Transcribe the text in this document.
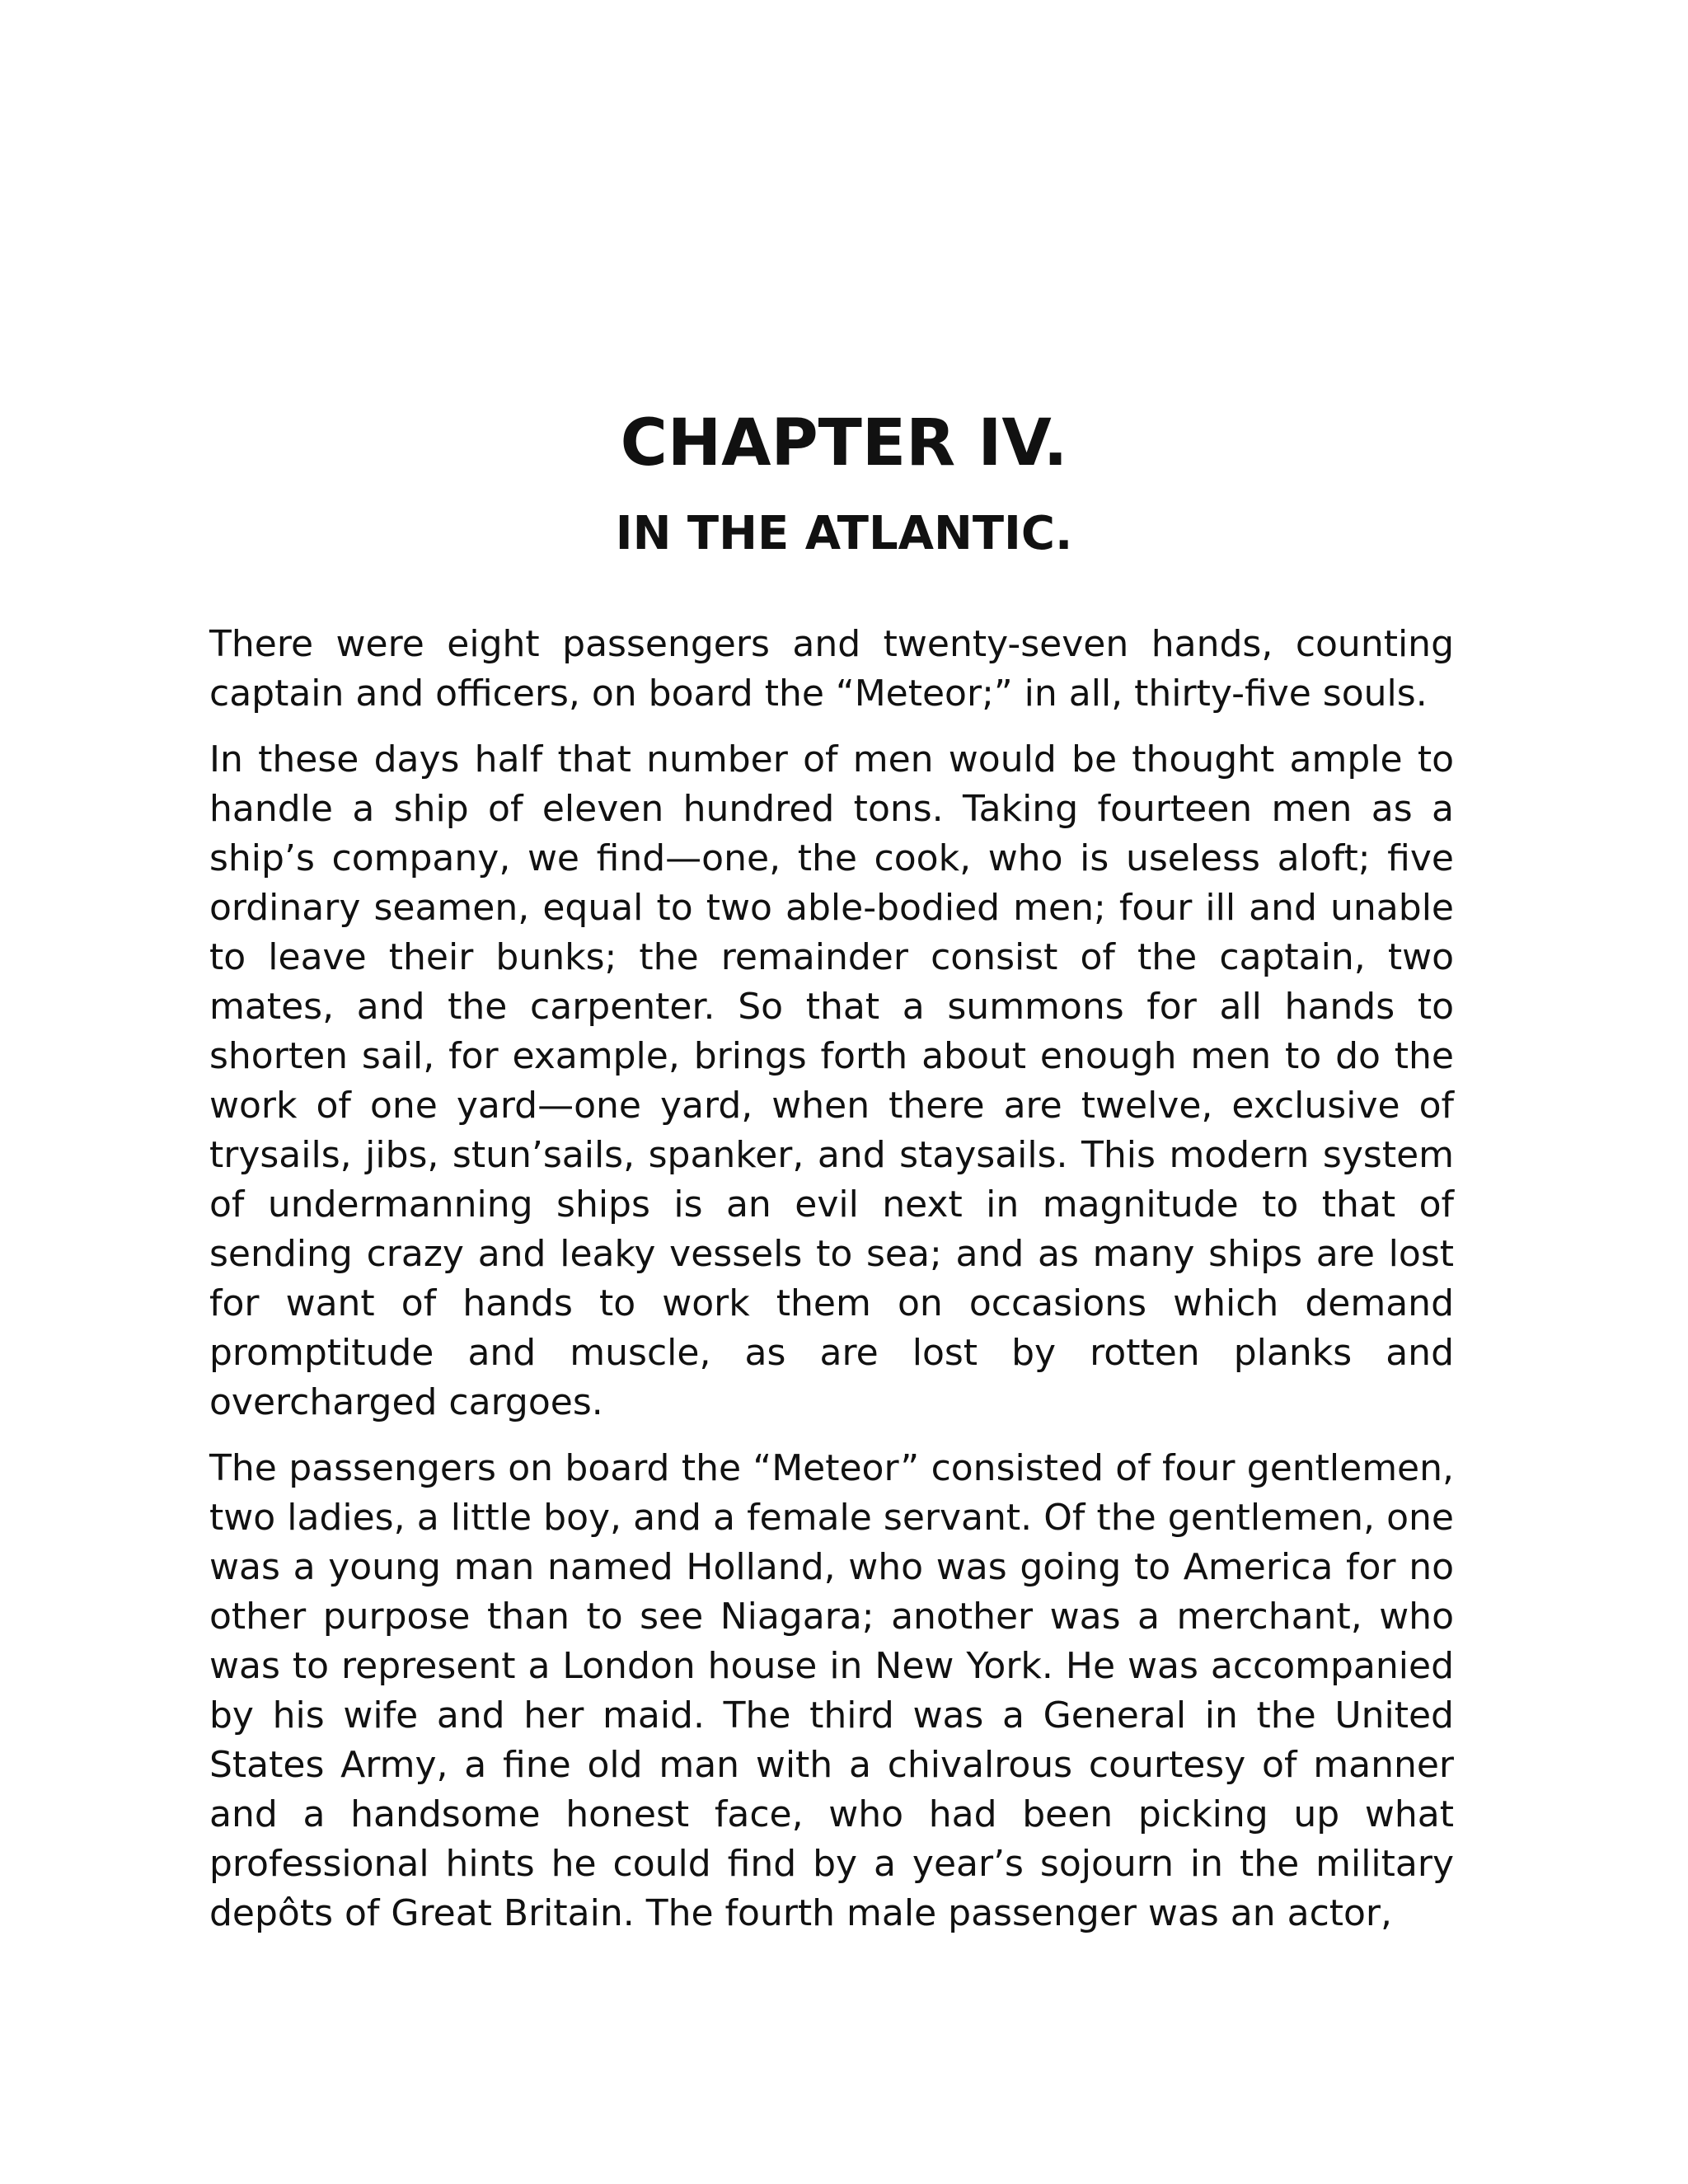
CHAPTER IV.
IN THE ATLANTIC.

There were eight passengers and twenty-seven hands, counting captain and officers, on board the “Meteor;” in all, thirty-five souls.

In these days half that number of men would be thought ample to handle a ship of eleven hundred tons. Taking fourteen men as a ship’s company, we find—one, the cook, who is useless aloft; five ordinary seamen, equal to two able-bodied men; four ill and unable to leave their bunks; the remainder consist of the captain, two mates, and the carpenter. So that a summons for all hands to shorten sail, for example, brings forth about enough men to do the work of one yard—one yard, when there are twelve, exclusive of trysails, jibs, stun’sails, spanker, and staysails. This modern system of undermanning ships is an evil next in magnitude to that of sending crazy and leaky vessels to sea; and as many ships are lost for want of hands to work them on occasions which demand promptitude and muscle, as are lost by rotten planks and overcharged cargoes.

The passengers on board the “Meteor” consisted of four gentlemen, two ladies, a little boy, and a female servant. Of the gentlemen, one was a young man named Holland, who was going to America for no other purpose than to see Niagara; another was a merchant, who was to represent a London house in New York. He was accompanied by his wife and her maid. The third was a General in the United States Army, a fine old man with a chivalrous courtesy of manner and a handsome honest face, who had been picking up what professional hints he could find by a year’s sojourn in the military depôts of Great Britain. The fourth male passenger was an actor,
